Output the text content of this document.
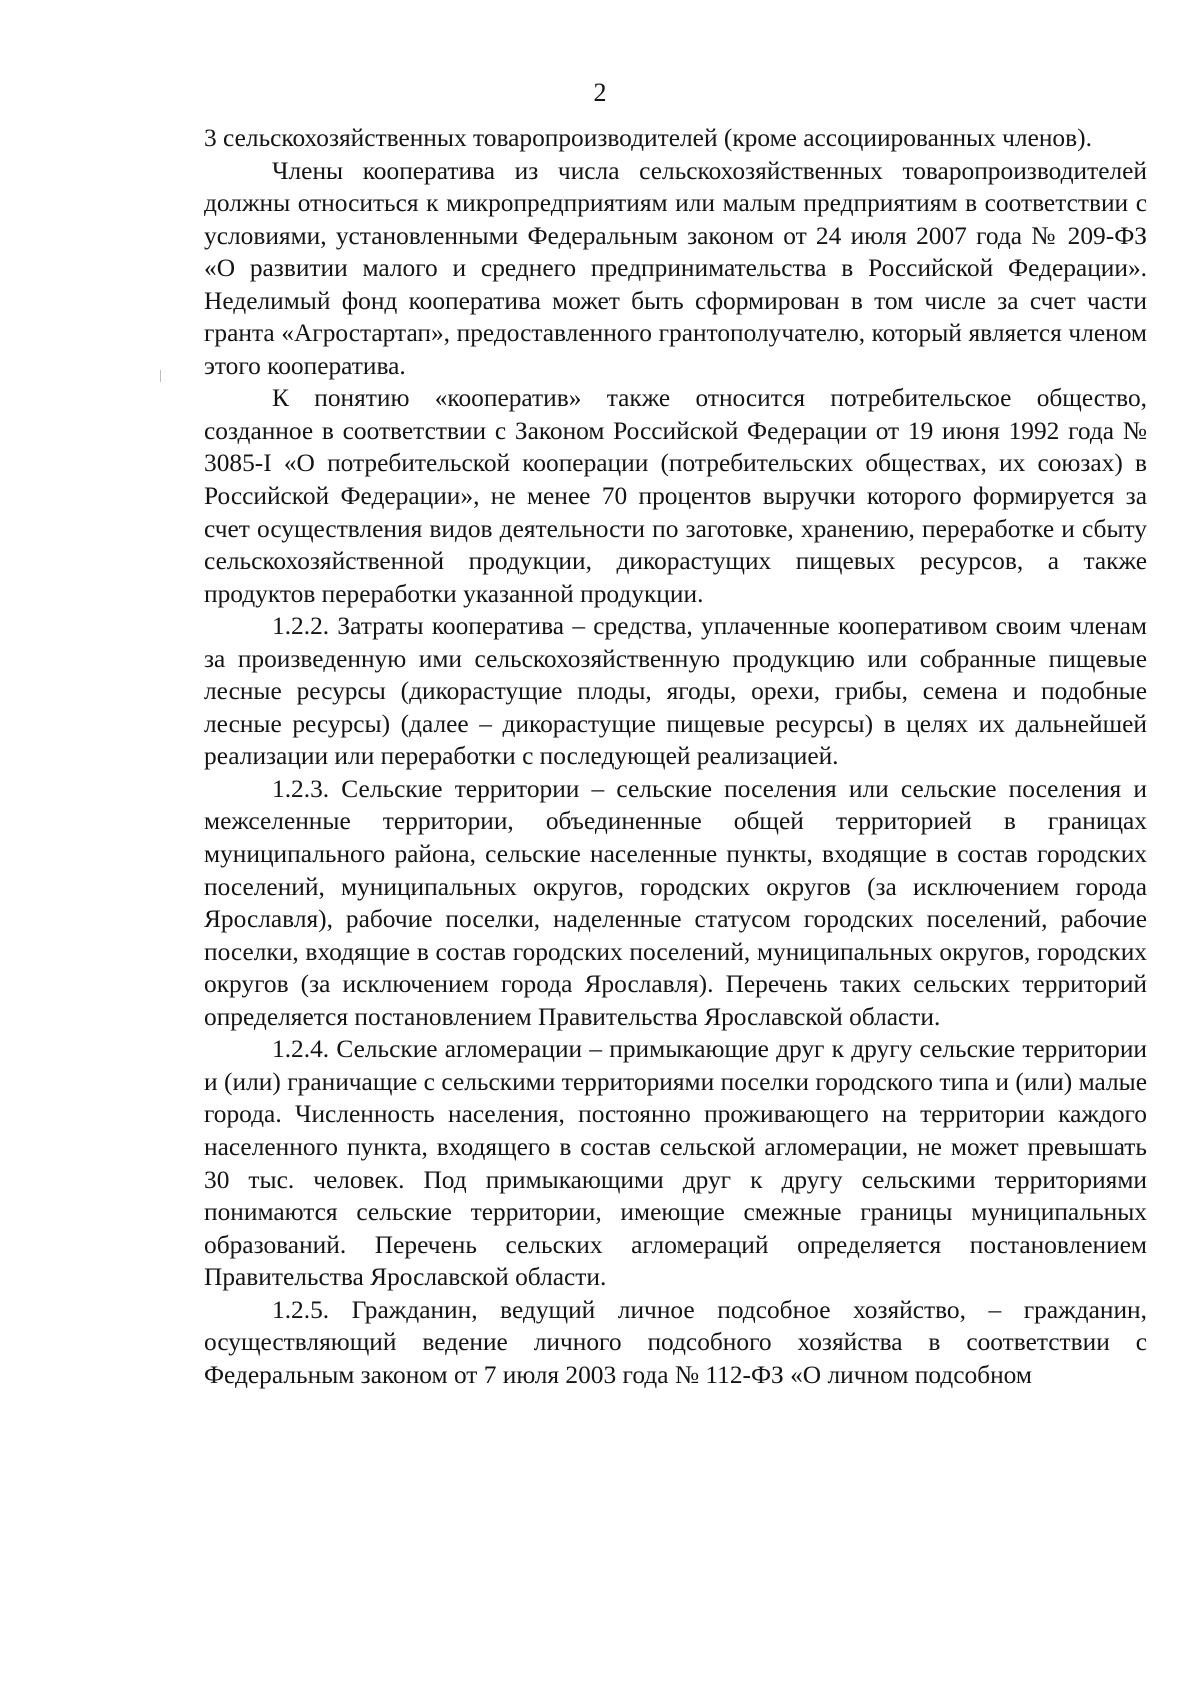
2

3 сельскохозяйственных товаропроизводителей (кроме ассоциированных членов).

Члены кооператива из числа сельскохозяйственных товаропроизводителей должны относиться к микропредприятиям или малым предприятиям в соответствии с условиями, установленными Федеральным законом от 24 июля 2007 года № 209-ФЗ «О развитии малого и среднего предпринимательства в Российской Федерации». Неделимый фонд кооператива может быть сформирован в том числе за счет части гранта «Агростартап», предоставленного грантополучателю, который является членом этого кооператива.

К понятию «кооператив» также относится потребительское общество, созданное в соответствии с Законом Российской Федерации от 19 июня 1992 года № 3085-I «О потребительской кооперации (потребительских обществах, их союзах) в Российской Федерации», не менее 70 процентов выручки которого формируется за счет осуществления видов деятельности по заготовке, хранению, переработке и сбыту сельскохозяйственной продукции, дикорастущих пищевых ресурсов, а также продуктов переработки указанной продукции.

1.2.2. Затраты кооператива – средства, уплаченные кооперативом своим членам за произведенную ими сельскохозяйственную продукцию или собранные пищевые лесные ресурсы (дикорастущие плоды, ягоды, орехи, грибы, семена и подобные лесные ресурсы) (далее – дикорастущие пищевые ресурсы) в целях их дальнейшей реализации или переработки с последующей реализацией.

1.2.3. Сельские территории – сельские поселения или сельские поселения и межселенные территории, объединенные общей территорией в границах муниципального района, сельские населенные пункты, входящие в состав городских поселений, муниципальных округов, городских округов (за исключением города Ярославля), рабочие поселки, наделенные статусом городских поселений, рабочие поселки, входящие в состав городских поселений, муниципальных округов, городских округов (за исключением города Ярославля). Перечень таких сельских территорий определяется постановлением Правительства Ярославской области.

1.2.4. Сельские агломерации – примыкающие друг к другу сельские территории и (или) граничащие с сельскими территориями поселки городского типа и (или) малые города. Численность населения, постоянно проживающего на территории каждого населенного пункта, входящего в состав сельской агломерации, не может превышать 30 тыс. человек. Под примыкающими друг к другу сельскими территориями понимаются сельские территории, имеющие смежные границы муниципальных образований. Перечень сельских агломераций определяется постановлением Правительства Ярославской области.

1.2.5. Гражданин, ведущий личное подсобное хозяйство, – гражданин, осуществляющий ведение личного подсобного хозяйства в соответствии с Федеральным законом от 7 июля 2003 года № 112-ФЗ «О личном подсобном
